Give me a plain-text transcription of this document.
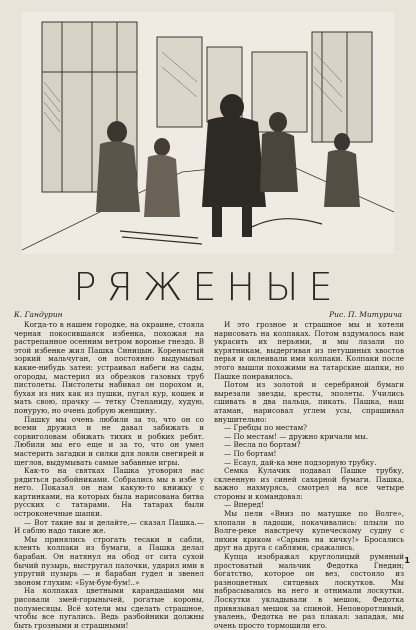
РЯЖЕНЫЕ
К. Гандурин	Рис. П. Митурича

Когда-то в нашем городке, на окраине, стояла черная покосившаяся избенка, похожая на растрепанное осенним ветром воронье гнездо. В этой избенке жил Пашка Синицын. Коренастый зоркий мальчуган, он постоянно выдумывал какие-нибудь затеи: устраивал набеги на сады, огороды, мастерил из обрезков газовых труб пистолеты. Пистолеты набивал он порохом и, бухая из них как из пушки, пугал кур, кошек и мать свою, прачку — тетку Степаниду, худую, понурую, но очень добрую женщину.

Пашку мы очень любили за то, что он со всеми дружил и не давал забижать и сорвиголовам обижать тихих и робких ребят. Любили мы его еще и за то, что он умел мастерить загадки и силки для ловли снегирей и щеглов, выдумывать самые забавные игры.

Как-то на святках Пашка уговорил нас рядиться разбойниками. Собрались мы в избе у него. Показал он нам какую-то книжку с картинками, на которых была нарисована битва русских с татарами. На татарах были остроконечные шапки.

— Вот такие вы и делайте,— сказал Пашка.— И саблю надо такие же.

Мы принялись строгать тесаки и сабли, клеить колпаки из бумаги, а Пашка делал барабан. Он натянул на обод от сита сухой бычий пузырь, выстругал палочки, ударил ими в упругий пузырь — и барабан гудел и звенел звоном глухим: «Бум-бум-бум!..»

На колпаках цветными карандашами мы рисовали змей-горынычей, рогатые короны, полумесяцы. Всё хотели мы сделать страшное, чтобы все пугались. Ведь разбойники должны быть грозными и страшными!

И это грозное и страшное мы и хотели нарисовать на колпаках. Потом вздумалось нам украсить их перьями, и мы лазали по курятникам, выдергивая из петушиных хвостов перья и оклеивали ими колпаки. Колпаки после этого вышли похожими на татарские шапки, но Пашке понравилось.

Потом из золотой и серебряной бумаги вырезали звезды, кресты, эполеты. Учились сшивать в два пальца, пикать. Пашка, наш атаман, нарисовал углем усы, спрашивал внушительно:

— Гребцы по местам?

— По местам! — дружно кричали мы.

— Весла по бортам?

— По бортам!

— Есаул, дай-ка мне подзорную трубку.

Семка Кулачик подавал Пашке трубку, склеенную из синей сахарной бумаги. Пашка, важно нахмурясь, смотрел на все четыре стороны и командовал:

— Вперед!

Мы пели «Вниз по матушке по Волге», хлопали в ладоши, покачивались: плыли по Волге-реке навстречу купеческому судну с лихим криком «Сарынь на кичку!» Бросались друг на друга с саблями, сражались.

Купца изображал круглолицый румяный простоватый мальчик Федотка Гнедин; богатство, которое он вез, состояло из разноцветных ситцевых лоскутков. Мы набрасывались на него и отнимали лоскутки. Лоскутки укладывали в мешок, Федотка привязывал мешок за спиной. Неповоротливый, увалень, Федотка не раз плакал: западая, мы очень просто тормошили его.

1
